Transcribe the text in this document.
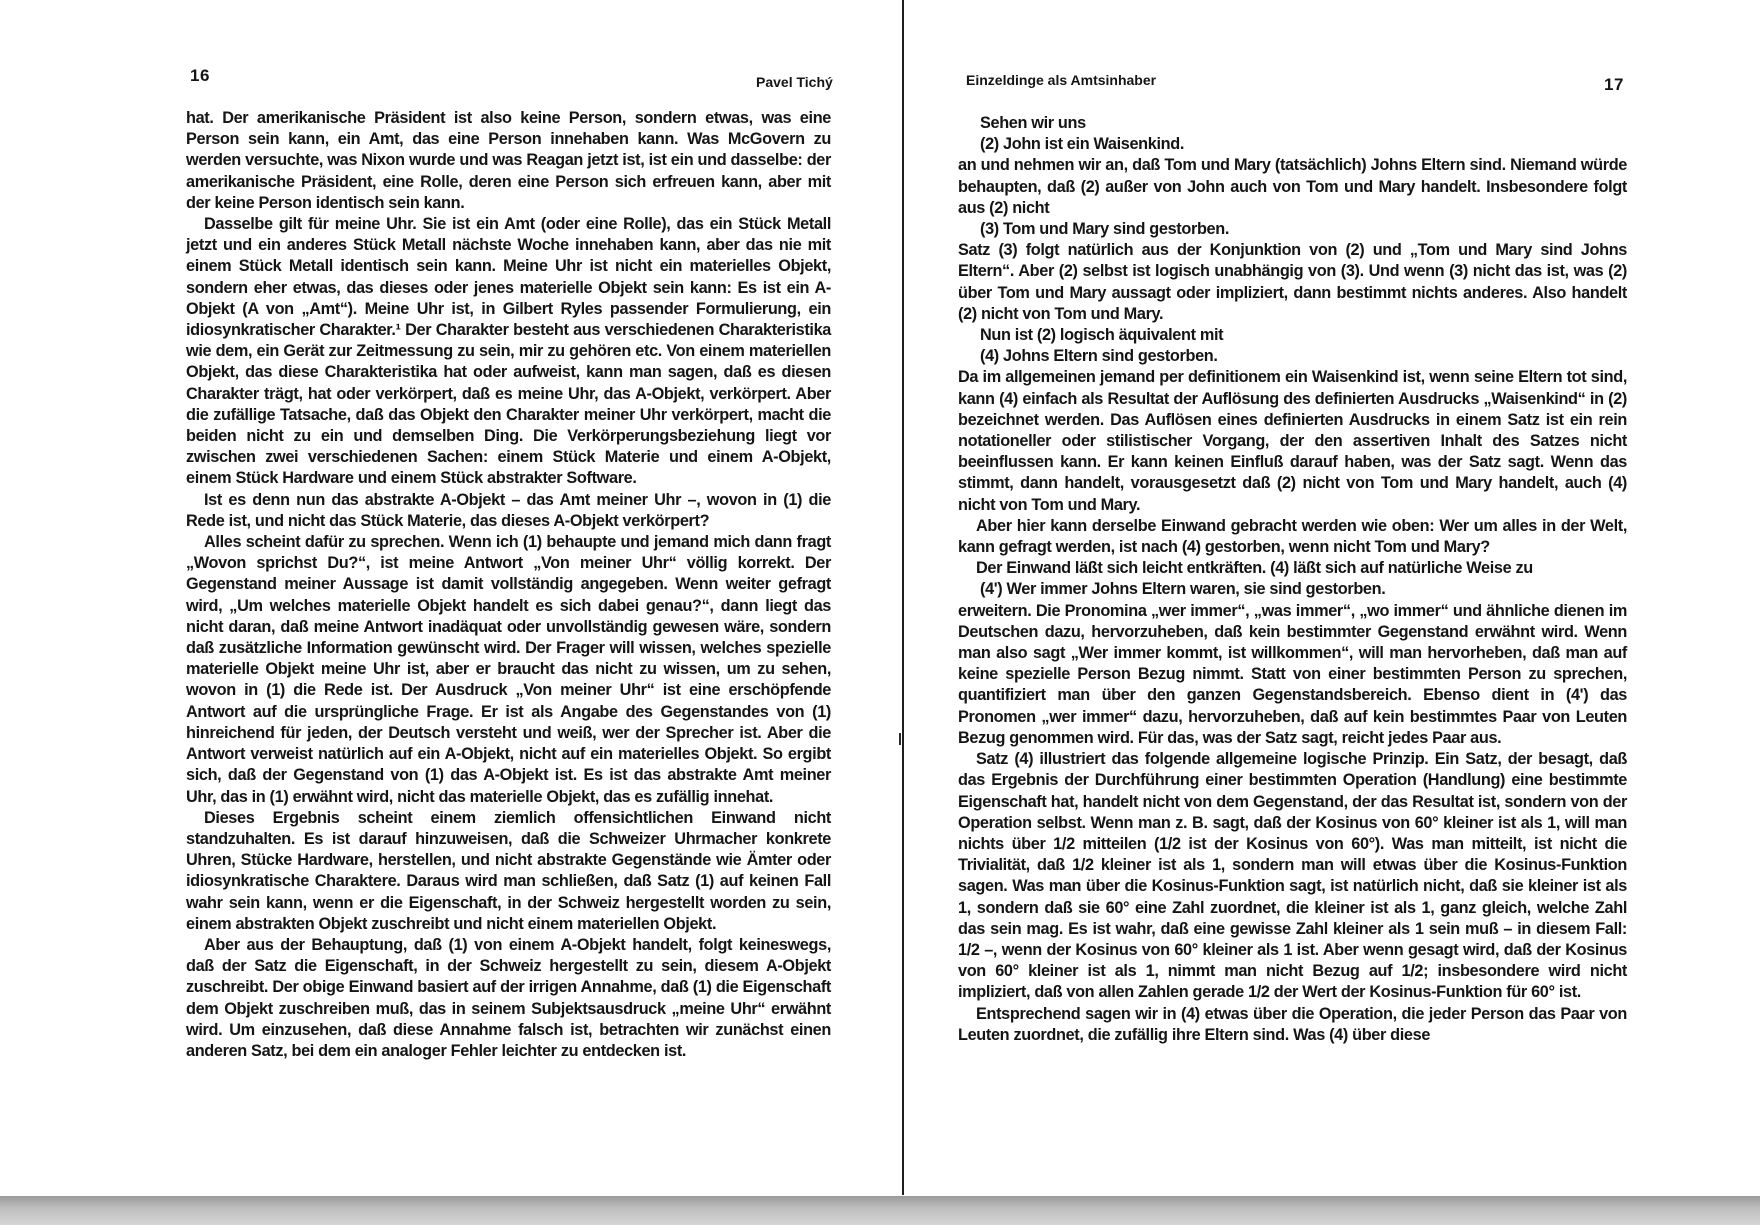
16	Pavel Tichý

hat. Der amerikanische Präsident ist also keine Person, sondern etwas, was eine Person sein kann, ein Amt, das eine Person innehaben kann. Was McGovern zu werden versuchte, was Nixon wurde und was Reagan jetzt ist, ist ein und dasselbe: der amerikanische Präsident, eine Rolle, deren eine Person sich erfreuen kann, aber mit der keine Person identisch sein kann.

Dasselbe gilt für meine Uhr. Sie ist ein Amt (oder eine Rolle), das ein Stück Metall jetzt und ein anderes Stück Metall nächste Woche innehaben kann, aber das nie mit einem Stück Metall identisch sein kann. Meine Uhr ist nicht ein materielles Objekt, sondern eher etwas, das dieses oder jenes materielle Objekt sein kann: Es ist ein A-Objekt (A von „Amt“). Meine Uhr ist, in Gilbert Ryles passender Formulierung, ein idiosynkratischer Charakter.¹ Der Charakter besteht aus verschiedenen Charakteristika wie dem, ein Gerät zur Zeitmessung zu sein, mir zu gehören etc. Von einem materiellen Objekt, das diese Charakteristika hat oder aufweist, kann man sagen, daß es diesen Charakter trägt, hat oder verkörpert, daß es meine Uhr, das A-Objekt, verkörpert. Aber die zufällige Tatsache, daß das Objekt den Charakter meiner Uhr verkörpert, macht die beiden nicht zu ein und demselben Ding. Die Verkörperungsbeziehung liegt vor zwischen zwei verschiedenen Sachen: einem Stück Materie und einem A-Objekt, einem Stück Hardware und einem Stück abstrakter Software.

Ist es denn nun das abstrakte A-Objekt – das Amt meiner Uhr –, wovon in (1) die Rede ist, und nicht das Stück Materie, das dieses A-Objekt verkörpert?

Alles scheint dafür zu sprechen. Wenn ich (1) behaupte und jemand mich dann fragt „Wovon sprichst Du?“, ist meine Antwort „Von meiner Uhr“ völlig korrekt. Der Gegenstand meiner Aussage ist damit vollständig angegeben. Wenn weiter gefragt wird, „Um welches materielle Objekt handelt es sich dabei genau?“, dann liegt das nicht daran, daß meine Antwort inadäquat oder unvollständig gewesen wäre, sondern daß zusätzliche Information gewünscht wird. Der Frager will wissen, welches spezielle materielle Objekt meine Uhr ist, aber er braucht das nicht zu wissen, um zu sehen, wovon in (1) die Rede ist. Der Ausdruck „Von meiner Uhr“ ist eine erschöpfende Antwort auf die ursprüngliche Frage. Er ist als Angabe des Gegenstandes von (1) hinreichend für jeden, der Deutsch versteht und weiß, wer der Sprecher ist. Aber die Antwort verweist natürlich auf ein A-Objekt, nicht auf ein materielles Objekt. So ergibt sich, daß der Gegenstand von (1) das A-Objekt ist. Es ist das abstrakte Amt meiner Uhr, das in (1) erwähnt wird, nicht das materielle Objekt, das es zufällig innehat.

Dieses Ergebnis scheint einem ziemlich offensichtlichen Einwand nicht standzuhalten. Es ist darauf hinzuweisen, daß die Schweizer Uhrmacher konkrete Uhren, Stücke Hardware, herstellen, und nicht abstrakte Gegenstände wie Ämter oder idiosynkratische Charaktere. Daraus wird man schließen, daß Satz (1) auf keinen Fall wahr sein kann, wenn er die Eigenschaft, in der Schweiz hergestellt worden zu sein, einem abstrakten Objekt zuschreibt und nicht einem materiellen Objekt.

Aber aus der Behauptung, daß (1) von einem A-Objekt handelt, folgt keineswegs, daß der Satz die Eigenschaft, in der Schweiz hergestellt zu sein, diesem A-Objekt zuschreibt. Der obige Einwand basiert auf der irrigen Annahme, daß (1) die Eigenschaft dem Objekt zuschreiben muß, das in seinem Subjektsausdruck „meine Uhr“ erwähnt wird. Um einzusehen, daß diese Annahme falsch ist, betrachten wir zunächst einen anderen Satz, bei dem ein analoger Fehler leichter zu entdecken ist.

Einzeldinge als Amtsinhaber	17

Sehen wir uns

(2) John ist ein Waisenkind.

an und nehmen wir an, daß Tom und Mary (tatsächlich) Johns Eltern sind. Niemand würde behaupten, daß (2) außer von John auch von Tom und Mary handelt. Insbesondere folgt aus (2) nicht

(3) Tom und Mary sind gestorben.

Satz (3) folgt natürlich aus der Konjunktion von (2) und „Tom und Mary sind Johns Eltern“. Aber (2) selbst ist logisch unabhängig von (3). Und wenn (3) nicht das ist, was (2) über Tom und Mary aussagt oder impliziert, dann bestimmt nichts anderes. Also handelt (2) nicht von Tom und Mary.

Nun ist (2) logisch äquivalent mit

(4) Johns Eltern sind gestorben.

Da im allgemeinen jemand per definitionem ein Waisenkind ist, wenn seine Eltern tot sind, kann (4) einfach als Resultat der Auflösung des definierten Ausdrucks „Waisenkind“ in (2) bezeichnet werden. Das Auflösen eines definierten Ausdrucks in einem Satz ist ein rein notationeller oder stilistischer Vorgang, der den assertiven Inhalt des Satzes nicht beeinflussen kann. Er kann keinen Einfluß darauf haben, was der Satz sagt. Wenn das stimmt, dann handelt, vorausgesetzt daß (2) nicht von Tom und Mary handelt, auch (4) nicht von Tom und Mary.

Aber hier kann derselbe Einwand gebracht werden wie oben: Wer um alles in der Welt, kann gefragt werden, ist nach (4) gestorben, wenn nicht Tom und Mary?

Der Einwand läßt sich leicht entkräften. (4) läßt sich auf natürliche Weise zu

(4') Wer immer Johns Eltern waren, sie sind gestorben.

erweitern. Die Pronomina „wer immer“, „was immer“, „wo immer“ und ähnliche dienen im Deutschen dazu, hervorzuheben, daß kein bestimmter Gegenstand erwähnt wird. Wenn man also sagt „Wer immer kommt, ist willkommen“, will man hervorheben, daß man auf keine spezielle Person Bezug nimmt. Statt von einer bestimmten Person zu sprechen, quantifiziert man über den ganzen Gegenstandsbereich. Ebenso dient in (4') das Pronomen „wer immer“ dazu, hervorzuheben, daß auf kein bestimmtes Paar von Leuten Bezug genommen wird. Für das, was der Satz sagt, reicht jedes Paar aus.

Satz (4) illustriert das folgende allgemeine logische Prinzip. Ein Satz, der besagt, daß das Ergebnis der Durchführung einer bestimmten Operation (Handlung) eine bestimmte Eigenschaft hat, handelt nicht von dem Gegenstand, der das Resultat ist, sondern von der Operation selbst. Wenn man z. B. sagt, daß der Kosinus von 60° kleiner ist als 1, will man nichts über 1/2 mitteilen (1/2 ist der Kosinus von 60°). Was man mitteilt, ist nicht die Trivialität, daß 1/2 kleiner ist als 1, sondern man will etwas über die Kosinus-Funktion sagen. Was man über die Kosinus-Funktion sagt, ist natürlich nicht, daß sie kleiner ist als 1, sondern daß sie 60° eine Zahl zuordnet, die kleiner ist als 1, ganz gleich, welche Zahl das sein mag. Es ist wahr, daß eine gewisse Zahl kleiner als 1 sein muß – in diesem Fall: 1/2 –, wenn der Kosinus von 60° kleiner als 1 ist. Aber wenn gesagt wird, daß der Kosinus von 60° kleiner ist als 1, nimmt man nicht Bezug auf 1/2; insbesondere wird nicht impliziert, daß von allen Zahlen gerade 1/2 der Wert der Kosinus-Funktion für 60° ist.

Entsprechend sagen wir in (4) etwas über die Operation, die jeder Person das Paar von Leuten zuordnet, die zufällig ihre Eltern sind. Was (4) über diese
